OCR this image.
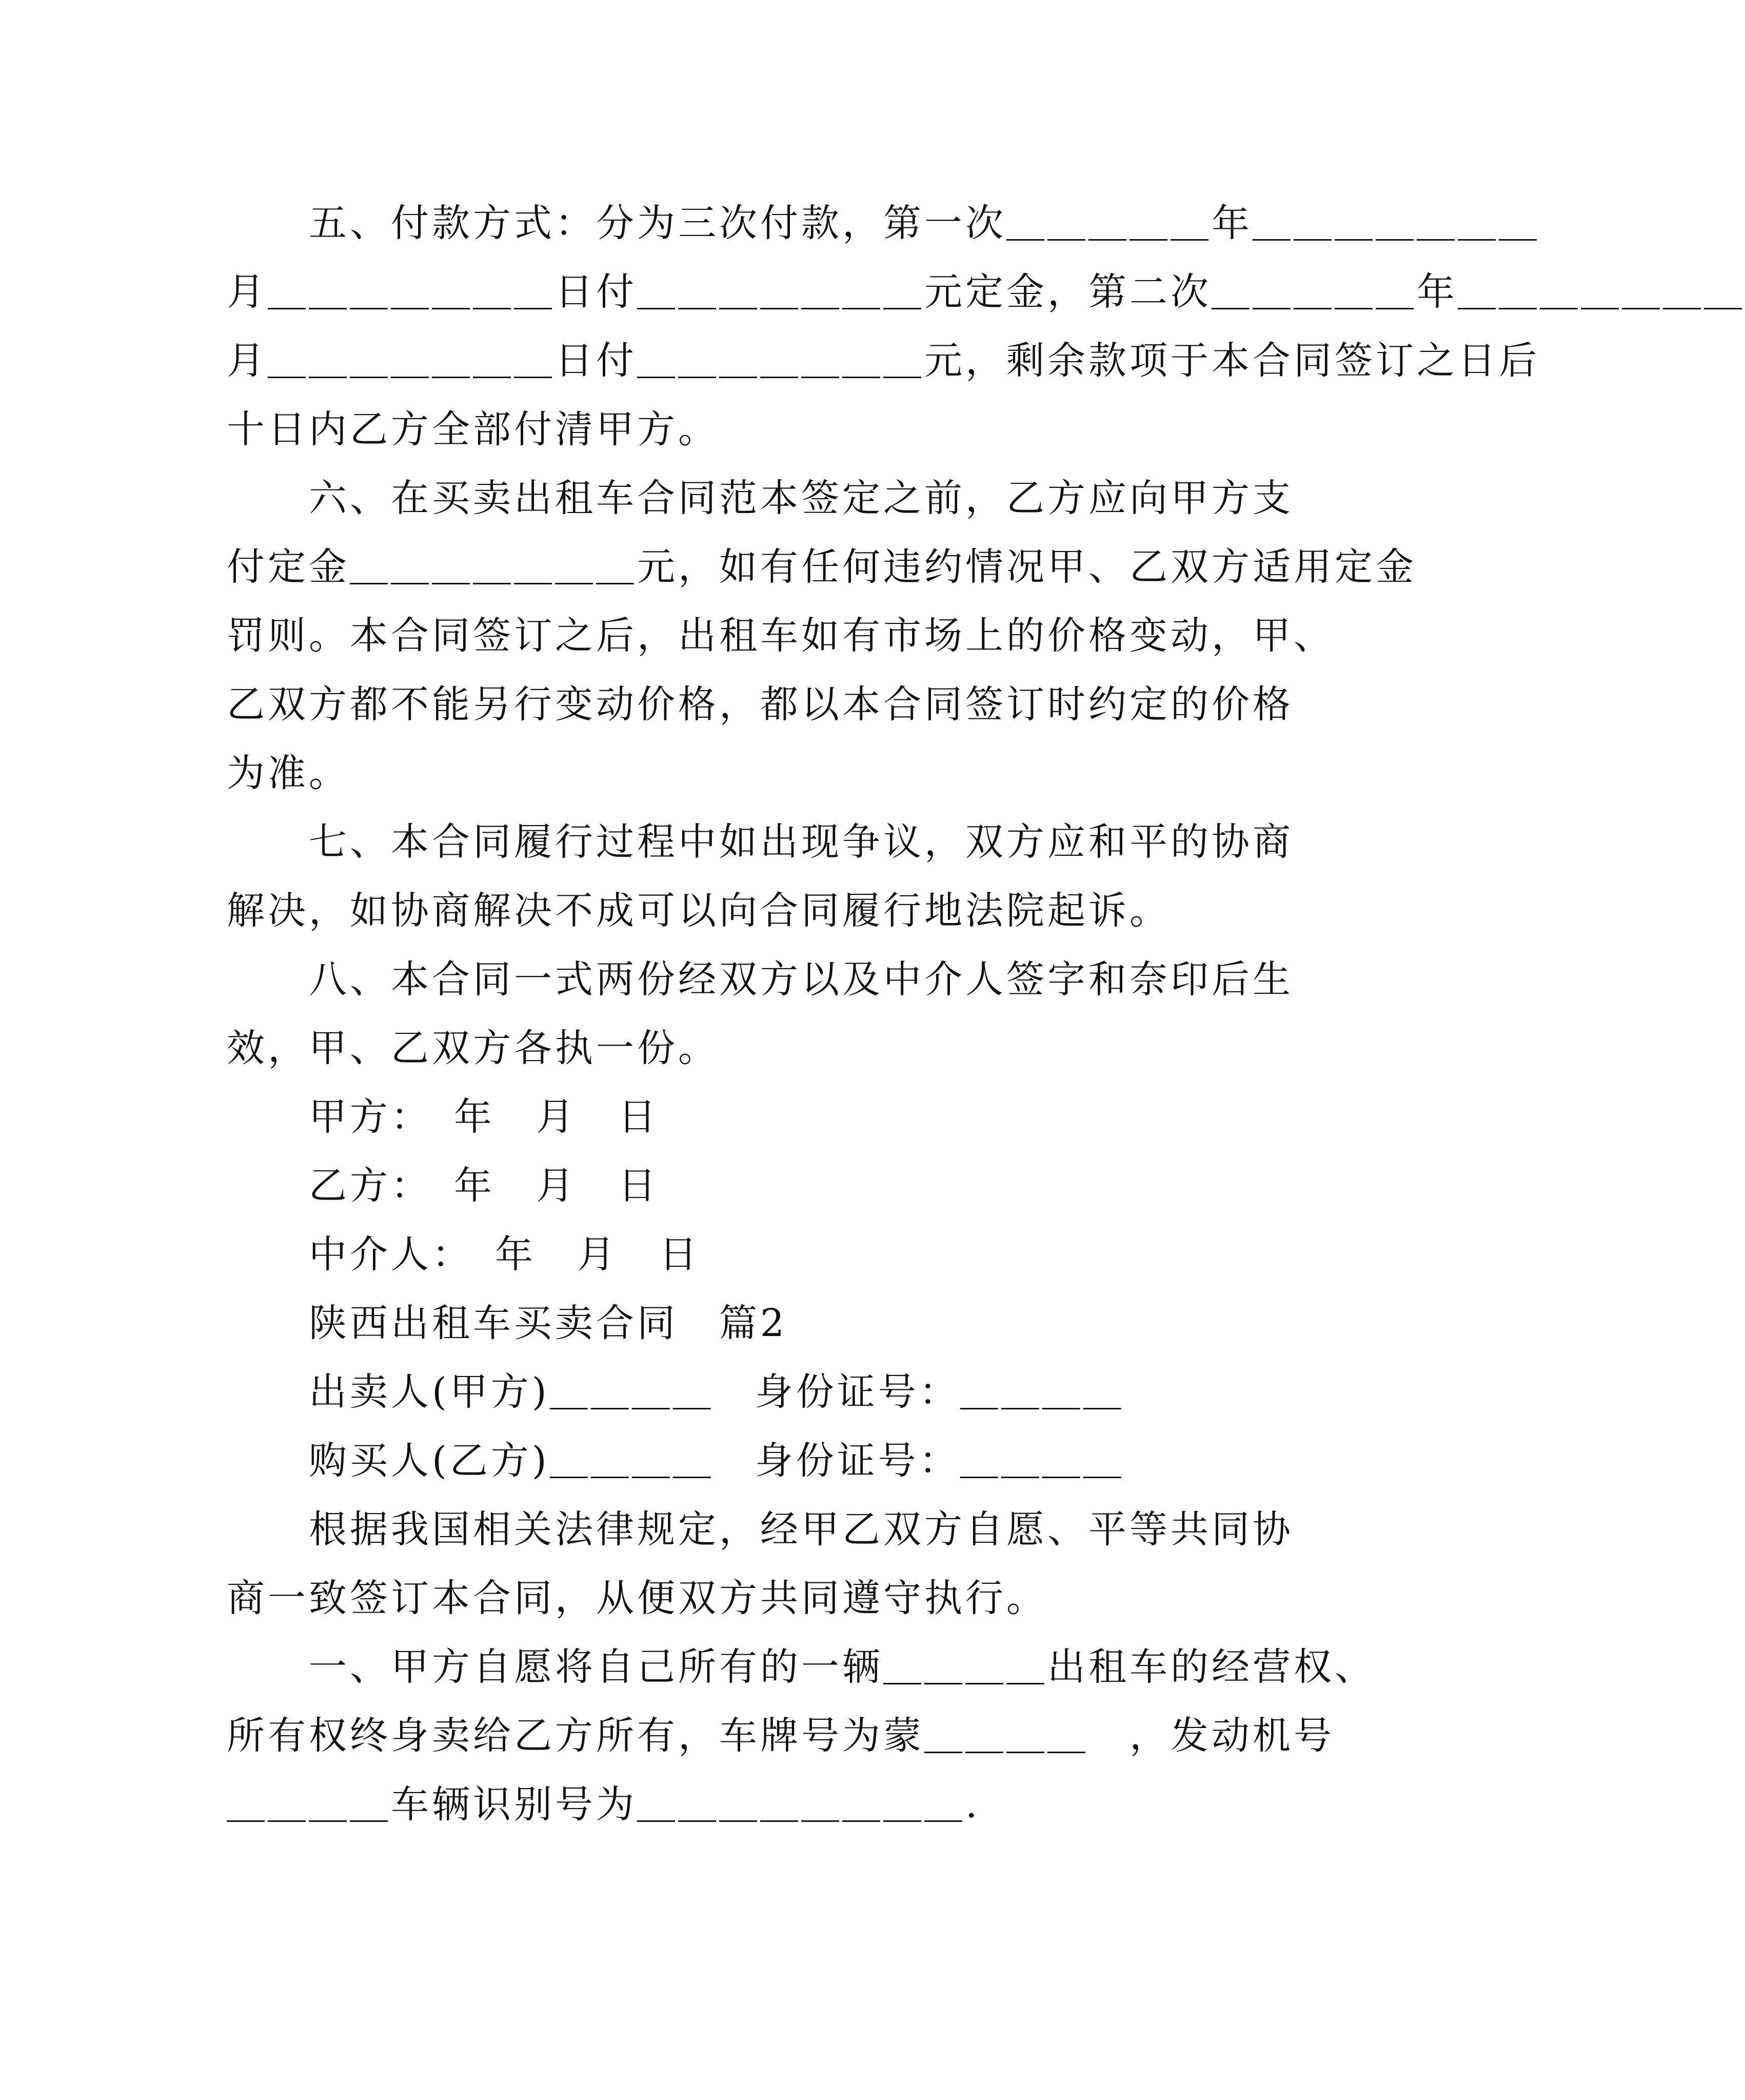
　　五、付款方式：分为三次付款，第一次＿＿＿＿＿年＿＿＿＿＿＿＿
月＿＿＿＿＿＿＿日付＿＿＿＿＿＿＿元定金，第二次＿＿＿＿＿年＿＿＿＿＿＿＿
月＿＿＿＿＿＿＿日付＿＿＿＿＿＿＿元，剩余款项于本合同签订之日后
十日内乙方全部付清甲方。
　　六、在买卖出租车合同范本签定之前，乙方应向甲方支
付定金＿＿＿＿＿＿＿元，如有任何违约情况甲、乙双方适用定金
罚则。本合同签订之后，出租车如有市场上的价格变动，甲、
乙双方都不能另行变动价格，都以本合同签订时约定的价格
为准。
　　七、本合同履行过程中如出现争议，双方应和平的协商
解决，如协商解决不成可以向合同履行地法院起诉。
　　八、本合同一式两份经双方以及中介人签字和奈印后生
效，甲、乙双方各执一份。
　　甲方：　年　月　日
　　乙方：　年　月　日
　　中介人：　年　月　日
　　陕西出租车买卖合同　篇2
　　出卖人(甲方)＿＿＿＿　身份证号：＿＿＿＿
　　购买人(乙方)＿＿＿＿　身份证号：＿＿＿＿
　　根据我国相关法律规定，经甲乙双方自愿、平等共同协
商一致签订本合同，从便双方共同遵守执行。
　　一、甲方自愿将自己所有的一辆＿＿＿＿出租车的经营权、
所有权终身卖给乙方所有，车牌号为蒙＿＿＿＿　，发动机号
＿＿＿＿车辆识别号为＿＿＿＿＿＿＿＿.
